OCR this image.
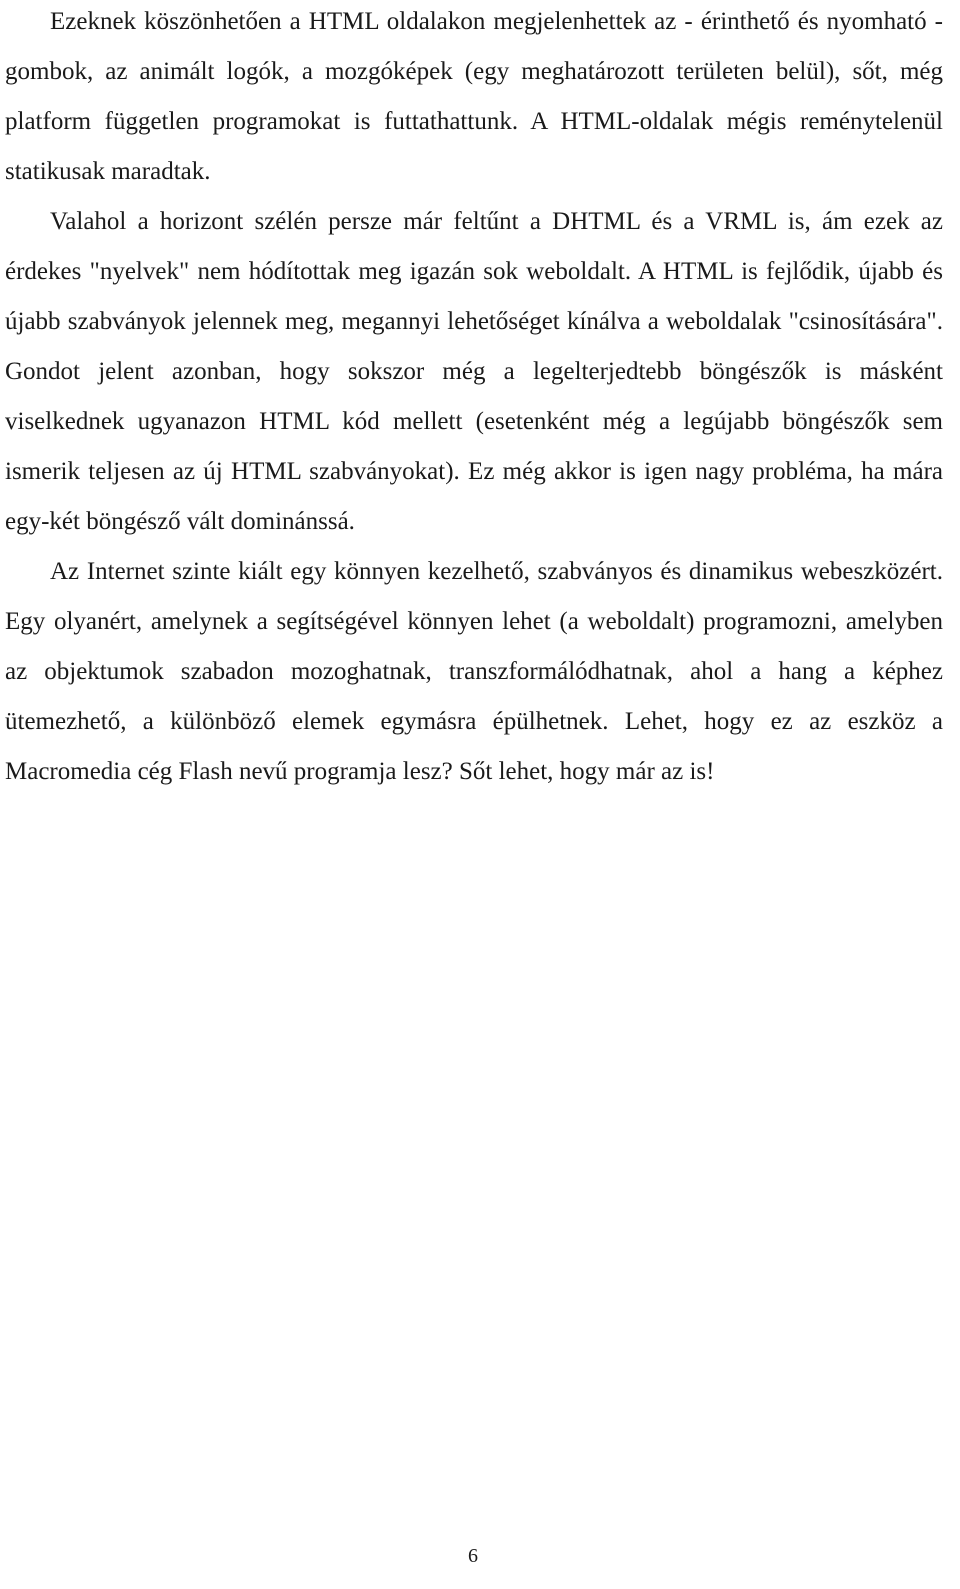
Ezeknek köszönhetően a HTML oldalakon megjelenhettek az - érinthető és nyomható - gombok, az animált logók, a mozgóképek (egy meghatározott területen belül), sőt, még platform független programokat is futtathattunk. A HTML-oldalak mégis reménytelenül statikusak maradtak.

Valahol a horizont szélén persze már feltűnt a DHTML és a VRML is, ám ezek az érdekes "nyelvek" nem hódítottak meg igazán sok weboldalt. A HTML is fejlődik, újabb és újabb szabványok jelennek meg, megannyi lehetőséget kínálva a weboldalak "csinosítására". Gondot jelent azonban, hogy sokszor még a legelterjedtebb böngészők is másként viselkednek ugyanazon HTML kód mellett (esetenként még a legújabb böngészők sem ismerik teljesen az új HTML szabványokat). Ez még akkor is igen nagy probléma, ha mára egy-két böngésző vált dominánssá.

Az Internet szinte kiált egy könnyen kezelhető, szabványos és dinamikus webeszközért. Egy olyanért, amelynek a segítségével könnyen lehet (a weboldalt) programozni, amelyben az objektumok szabadon mozoghatnak, transzformálódhatnak, ahol a hang a képhez ütemezhető, a különböző elemek egymásra épülhetnek. Lehet, hogy ez az eszköz a Macromedia cég Flash nevű programja lesz? Sőt lehet, hogy már az is!

6
